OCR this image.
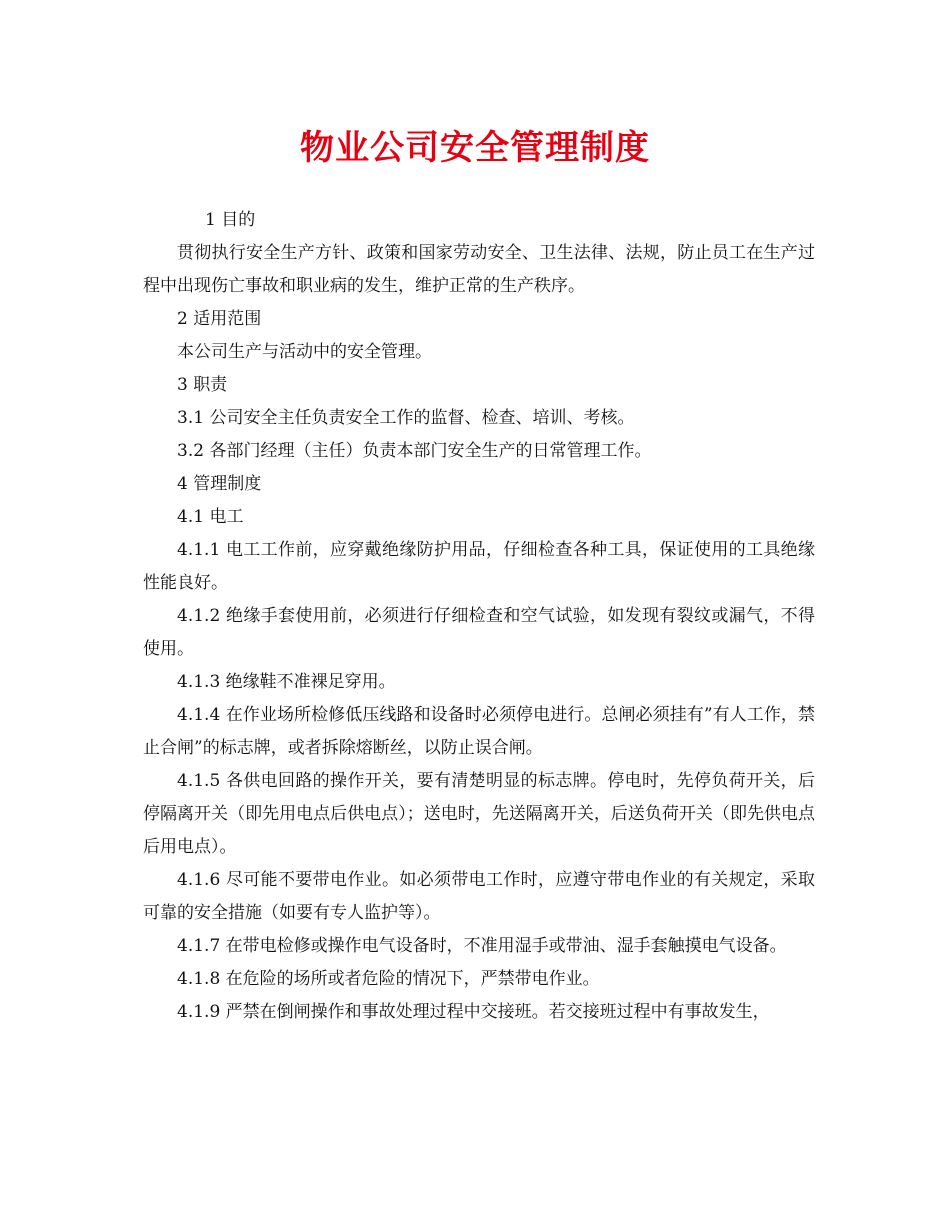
物业公司安全管理制度

1 目的

贯彻执行安全生产方针、政策和国家劳动安全、卫生法律、法规，防止员工在生产过程中出现伤亡事故和职业病的发生，维护正常的生产秩序。

2 适用范围

本公司生产与活动中的安全管理。

3 职责

3.1 公司安全主任负责安全工作的监督、检查、培训、考核。

3.2 各部门经理（主任）负责本部门安全生产的日常管理工作。

4 管理制度

4.1 电工

4.1.1 电工工作前，应穿戴绝缘防护用品，仔细检查各种工具，保证使用的工具绝缘性能良好。

4.1.2 绝缘手套使用前，必须进行仔细检查和空气试验，如发现有裂纹或漏气，不得使用。

4.1.3 绝缘鞋不准裸足穿用。

4.1.4 在作业场所检修低压线路和设备时必须停电进行。总闸必须挂有”有人工作，禁止合闸”的标志牌，或者拆除熔断丝，以防止误合闸。

4.1.5 各供电回路的操作开关，要有清楚明显的标志牌。停电时，先停负荷开关，后停隔离开关（即先用电点后供电点）；送电时，先送隔离开关，后送负荷开关（即先供电点后用电点）。

4.1.6 尽可能不要带电作业。如必须带电工作时，应遵守带电作业的有关规定，采取可靠的安全措施（如要有专人监护等）。

4.1.7 在带电检修或操作电气设备时，不准用湿手或带油、湿手套触摸电气设备。

4.1.8 在危险的场所或者危险的情况下，严禁带电作业。

4.1.9 严禁在倒闸操作和事故处理过程中交接班。若交接班过程中有事故发生，
